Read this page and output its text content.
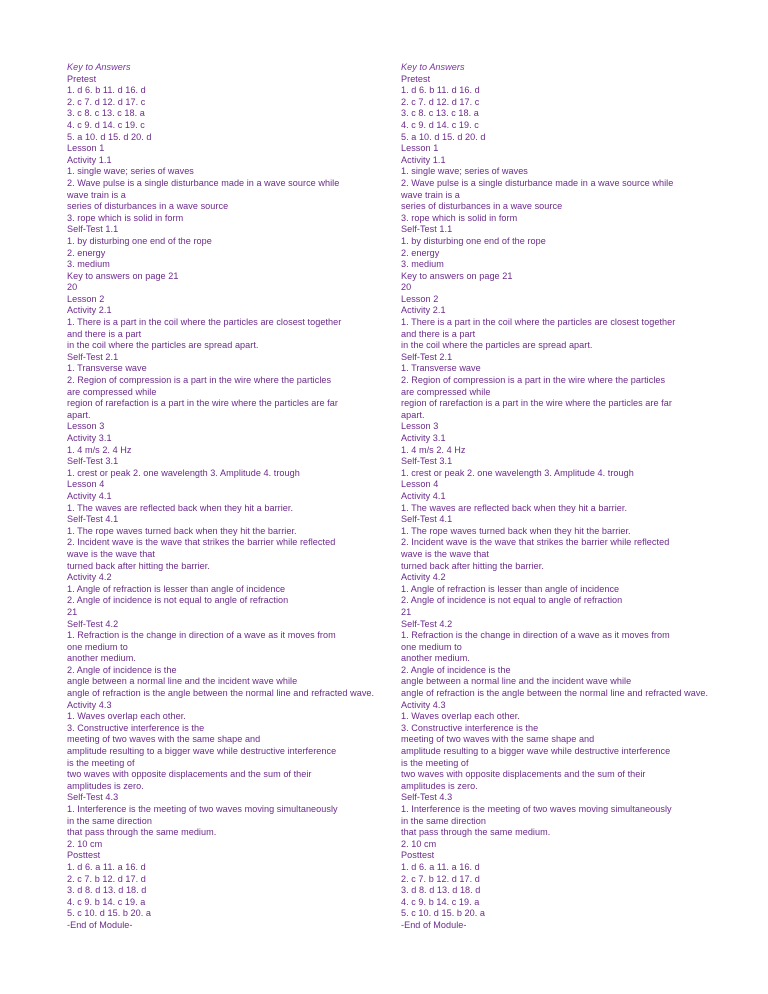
Key to Answers
Pretest
1. d 6. b 11. d 16. d
2. c 7. d 12. d 17. c
3. c 8. c 13. c 18. a
4. c 9. d 14. c 19. c
5. a 10. d 15. d 20. d
Lesson 1
Activity 1.1
1. single wave; series of waves
2. Wave pulse is a single disturbance made in a wave source while
wave train is a
series of disturbances in a wave source
3. rope which is solid in form
Self-Test 1.1
1. by disturbing one end of the rope
2. energy
3. medium
Key to answers on page 21
20
Lesson 2
Activity 2.1
1. There is a part in the coil where the particles are closest together
and there is a part
in the coil where the particles are spread apart.
Self-Test 2.1
1. Transverse wave
2. Region of compression is a part in the wire where the particles
are compressed while
region of rarefaction is a part in the wire where the particles are far
apart.
Lesson 3
Activity 3.1
1. 4 m/s 2. 4 Hz
Self-Test 3.1
1. crest or peak 2. one wavelength 3. Amplitude 4. trough
Lesson 4
Activity 4.1
1. The waves are reflected back when they hit a barrier.
Self-Test 4.1
1. The rope waves turned back when they hit the barrier.
2. Incident wave is the wave that strikes the barrier while reflected
wave is the wave that
turned back after hitting the barrier.
Activity 4.2
1. Angle of refraction is lesser than angle of incidence
2. Angle of incidence is not equal to angle of refraction
21
Self-Test 4.2
1. Refraction is the change in direction of a wave as it moves from
one medium to
another medium.
2. Angle of incidence is the
angle between a normal line and the incident wave while
angle of refraction is the angle between the normal line and refracted wave.
Activity 4.3
1. Waves overlap each other.
3. Constructive interference is the
meeting of two waves with the same shape and
amplitude resulting to a bigger wave while destructive interference
is the meeting of
two waves with opposite displacements and the sum of their
amplitudes is zero.
Self-Test 4.3
1. Interference is the meeting of two waves moving simultaneously
in the same direction
that pass through the same medium.
2. 10 cm
Posttest
1. d 6. a 11. a 16. d
2. c 7. b 12. d 17. d
3. d 8. d 13. d 18. d
4. c 9. b 14. c 19. a
5. c 10. d 15. b 20. a
-End of Module-
Key to Answers
Pretest
1. d 6. b 11. d 16. d
2. c 7. d 12. d 17. c
3. c 8. c 13. c 18. a
4. c 9. d 14. c 19. c
5. a 10. d 15. d 20. d
Lesson 1
Activity 1.1
1. single wave; series of waves
2. Wave pulse is a single disturbance made in a wave source while
wave train is a
series of disturbances in a wave source
3. rope which is solid in form
Self-Test 1.1
1. by disturbing one end of the rope
2. energy
3. medium
Key to answers on page 21
20
Lesson 2
Activity 2.1
1. There is a part in the coil where the particles are closest together
and there is a part
in the coil where the particles are spread apart.
Self-Test 2.1
1. Transverse wave
2. Region of compression is a part in the wire where the particles
are compressed while
region of rarefaction is a part in the wire where the particles are far
apart.
Lesson 3
Activity 3.1
1. 4 m/s 2. 4 Hz
Self-Test 3.1
1. crest or peak 2. one wavelength 3. Amplitude 4. trough
Lesson 4
Activity 4.1
1. The waves are reflected back when they hit a barrier.
Self-Test 4.1
1. The rope waves turned back when they hit the barrier.
2. Incident wave is the wave that strikes the barrier while reflected
wave is the wave that
turned back after hitting the barrier.
Activity 4.2
1. Angle of refraction is lesser than angle of incidence
2. Angle of incidence is not equal to angle of refraction
21
Self-Test 4.2
1. Refraction is the change in direction of a wave as it moves from
one medium to
another medium.
2. Angle of incidence is the
angle between a normal line and the incident wave while
angle of refraction is the angle between the normal line and refracted wave.
Activity 4.3
1. Waves overlap each other.
3. Constructive interference is the
meeting of two waves with the same shape and
amplitude resulting to a bigger wave while destructive interference
is the meeting of
two waves with opposite displacements and the sum of their
amplitudes is zero.
Self-Test 4.3
1. Interference is the meeting of two waves moving simultaneously
in the same direction
that pass through the same medium.
2. 10 cm
Posttest
1. d 6. a 11. a 16. d
2. c 7. b 12. d 17. d
3. d 8. d 13. d 18. d
4. c 9. b 14. c 19. a
5. c 10. d 15. b 20. a
-End of Module-
